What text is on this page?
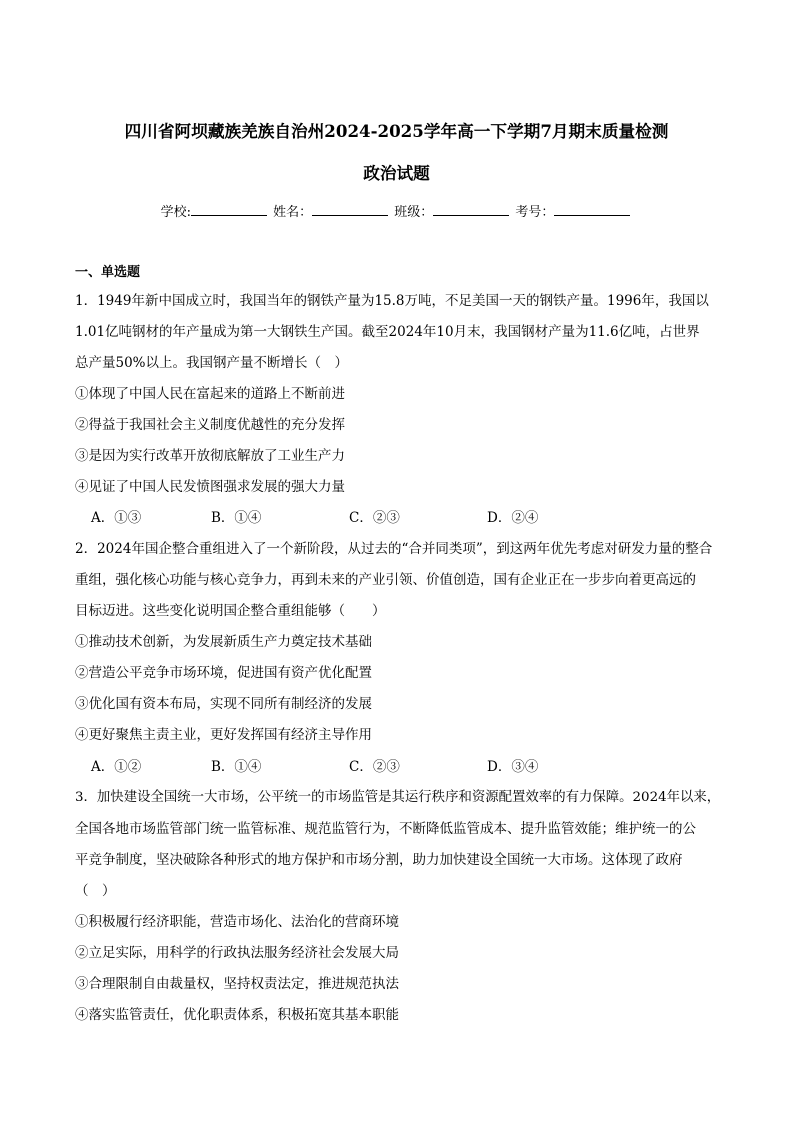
四川省阿坝藏族羌族自治州2024-2025学年高一下学期7月期末质量检测
政治试题
学校:	姓名：	班级：	考号：
一、单选题
1．1949年新中国成立时，我国当年的钢铁产量为15.8万吨，不足美国一天的钢铁产量。1996年，我国以
1.01亿吨钢材的年产量成为第一大钢铁生产国。截至2024年10月末，我国钢材产量为11.6亿吨，占世界
总产量50%以上。我国钢产量不断增长（　）
①体现了中国人民在富起来的道路上不断前进
②得益于我国社会主义制度优越性的充分发挥
③是因为实行改革开放彻底解放了工业生产力
④见证了中国人民发愤图强求发展的强大力量
A．①③	B．①④	C．②③	D．②④
2．2024年国企整合重组进入了一个新阶段，从过去的“合并同类项”，到这两年优先考虑对研发力量的整合
重组，强化核心功能与核心竞争力，再到未来的产业引领、价值创造，国有企业正在一步步向着更高远的
目标迈进。这些变化说明国企整合重组能够（　　）
①推动技术创新，为发展新质生产力奠定技术基础
②营造公平竞争市场环境，促进国有资产优化配置
③优化国有资本布局，实现不同所有制经济的发展
④更好聚焦主责主业，更好发挥国有经济主导作用
A．①②	B．①④	C．②③	D．③④
3．加快建设全国统一大市场，公平统一的市场监管是其运行秩序和资源配置效率的有力保障。2024年以来，
全国各地市场监管部门统一监管标准、规范监管行为，不断降低监管成本、提升监管效能；维护统一的公
平竞争制度，坚决破除各种形式的地方保护和市场分割，助力加快建设全国统一大市场。这体现了政府
（　）
①积极履行经济职能，营造市场化、法治化的营商环境
②立足实际，用科学的行政执法服务经济社会发展大局
③合理限制自由裁量权，坚持权责法定，推进规范执法
④落实监管责任，优化职责体系，积极拓宽其基本职能
